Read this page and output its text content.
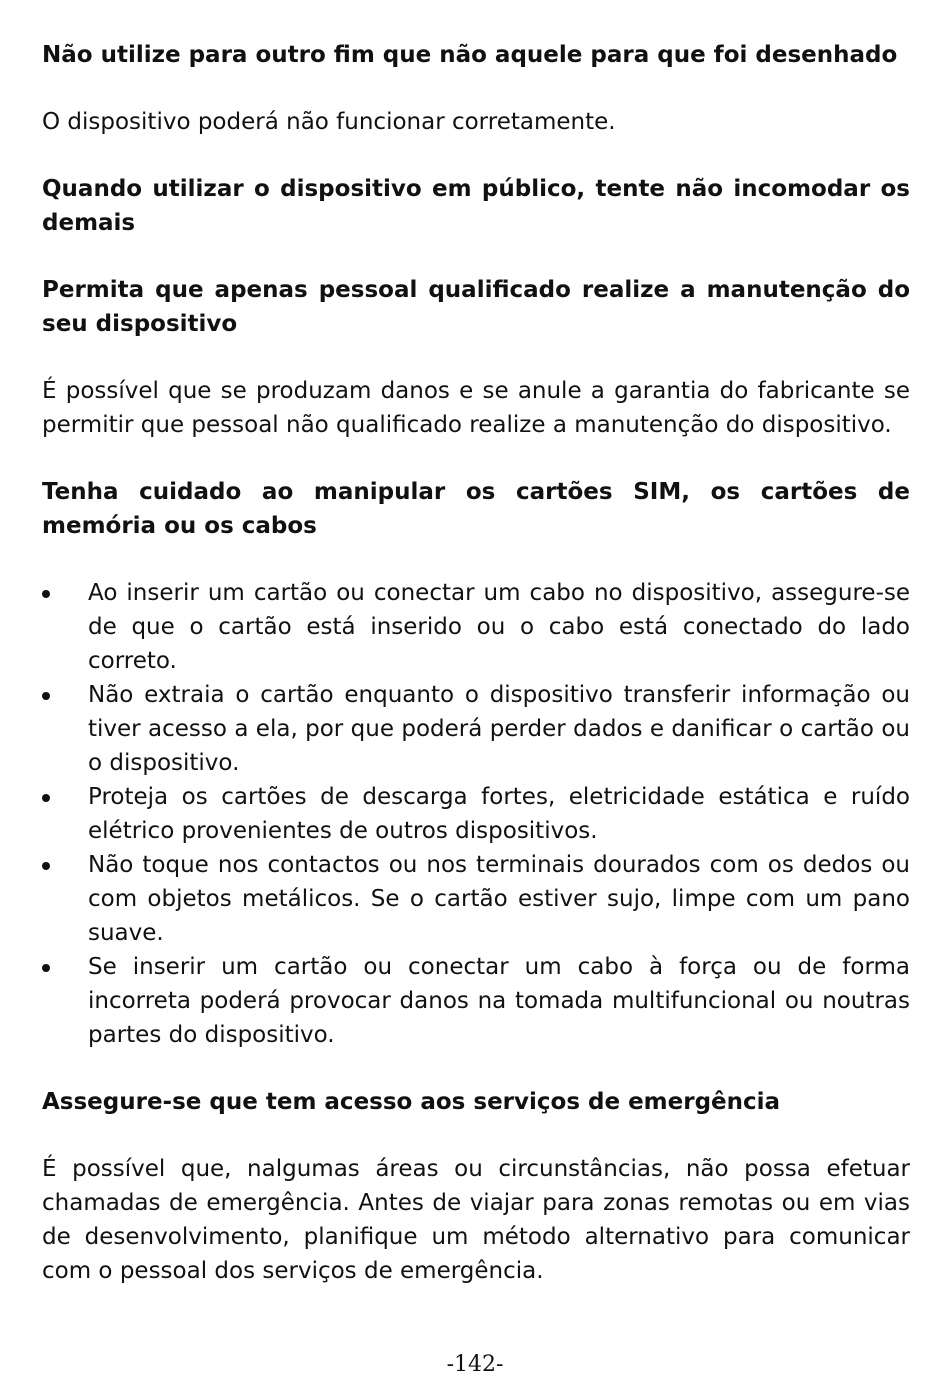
Não utilize para outro fim que não aquele para que foi desenhado

O dispositivo poderá não funcionar corretamente.

Quando utilizar o dispositivo em público, tente não incomodar os demais

Permita que apenas pessoal qualificado realize a manutenção do seu dispositivo

É possível que se produzam danos e se anule a garantia do fabricante se permitir que pessoal não qualificado realize a manutenção do dispositivo.

Tenha cuidado ao manipular os cartões SIM, os cartões de memória ou os cabos

Ao inserir um cartão ou conectar um cabo no dispositivo, assegure-se de que o cartão está inserido ou o cabo está conectado do lado correto.
Não extraia o cartão enquanto o dispositivo transferir informação ou tiver acesso a ela, por que poderá perder dados e danificar o cartão ou o dispositivo.
Proteja os cartões de descarga fortes, eletricidade estática e ruído elétrico provenientes de outros dispositivos.
Não toque nos contactos ou nos terminais dourados com os dedos ou com objetos metálicos. Se o cartão estiver sujo, limpe com um pano suave.
Se inserir um cartão ou conectar um cabo à força ou de forma incorreta poderá provocar danos na tomada multifuncional ou noutras partes do dispositivo.

Assegure-se que tem acesso aos serviços de emergência

É possível que, nalgumas áreas ou circunstâncias, não possa efetuar chamadas de emergência. Antes de viajar para zonas remotas ou em vias de desenvolvimento, planifique um método alternativo para comunicar com o pessoal dos serviços de emergência.

-142-
